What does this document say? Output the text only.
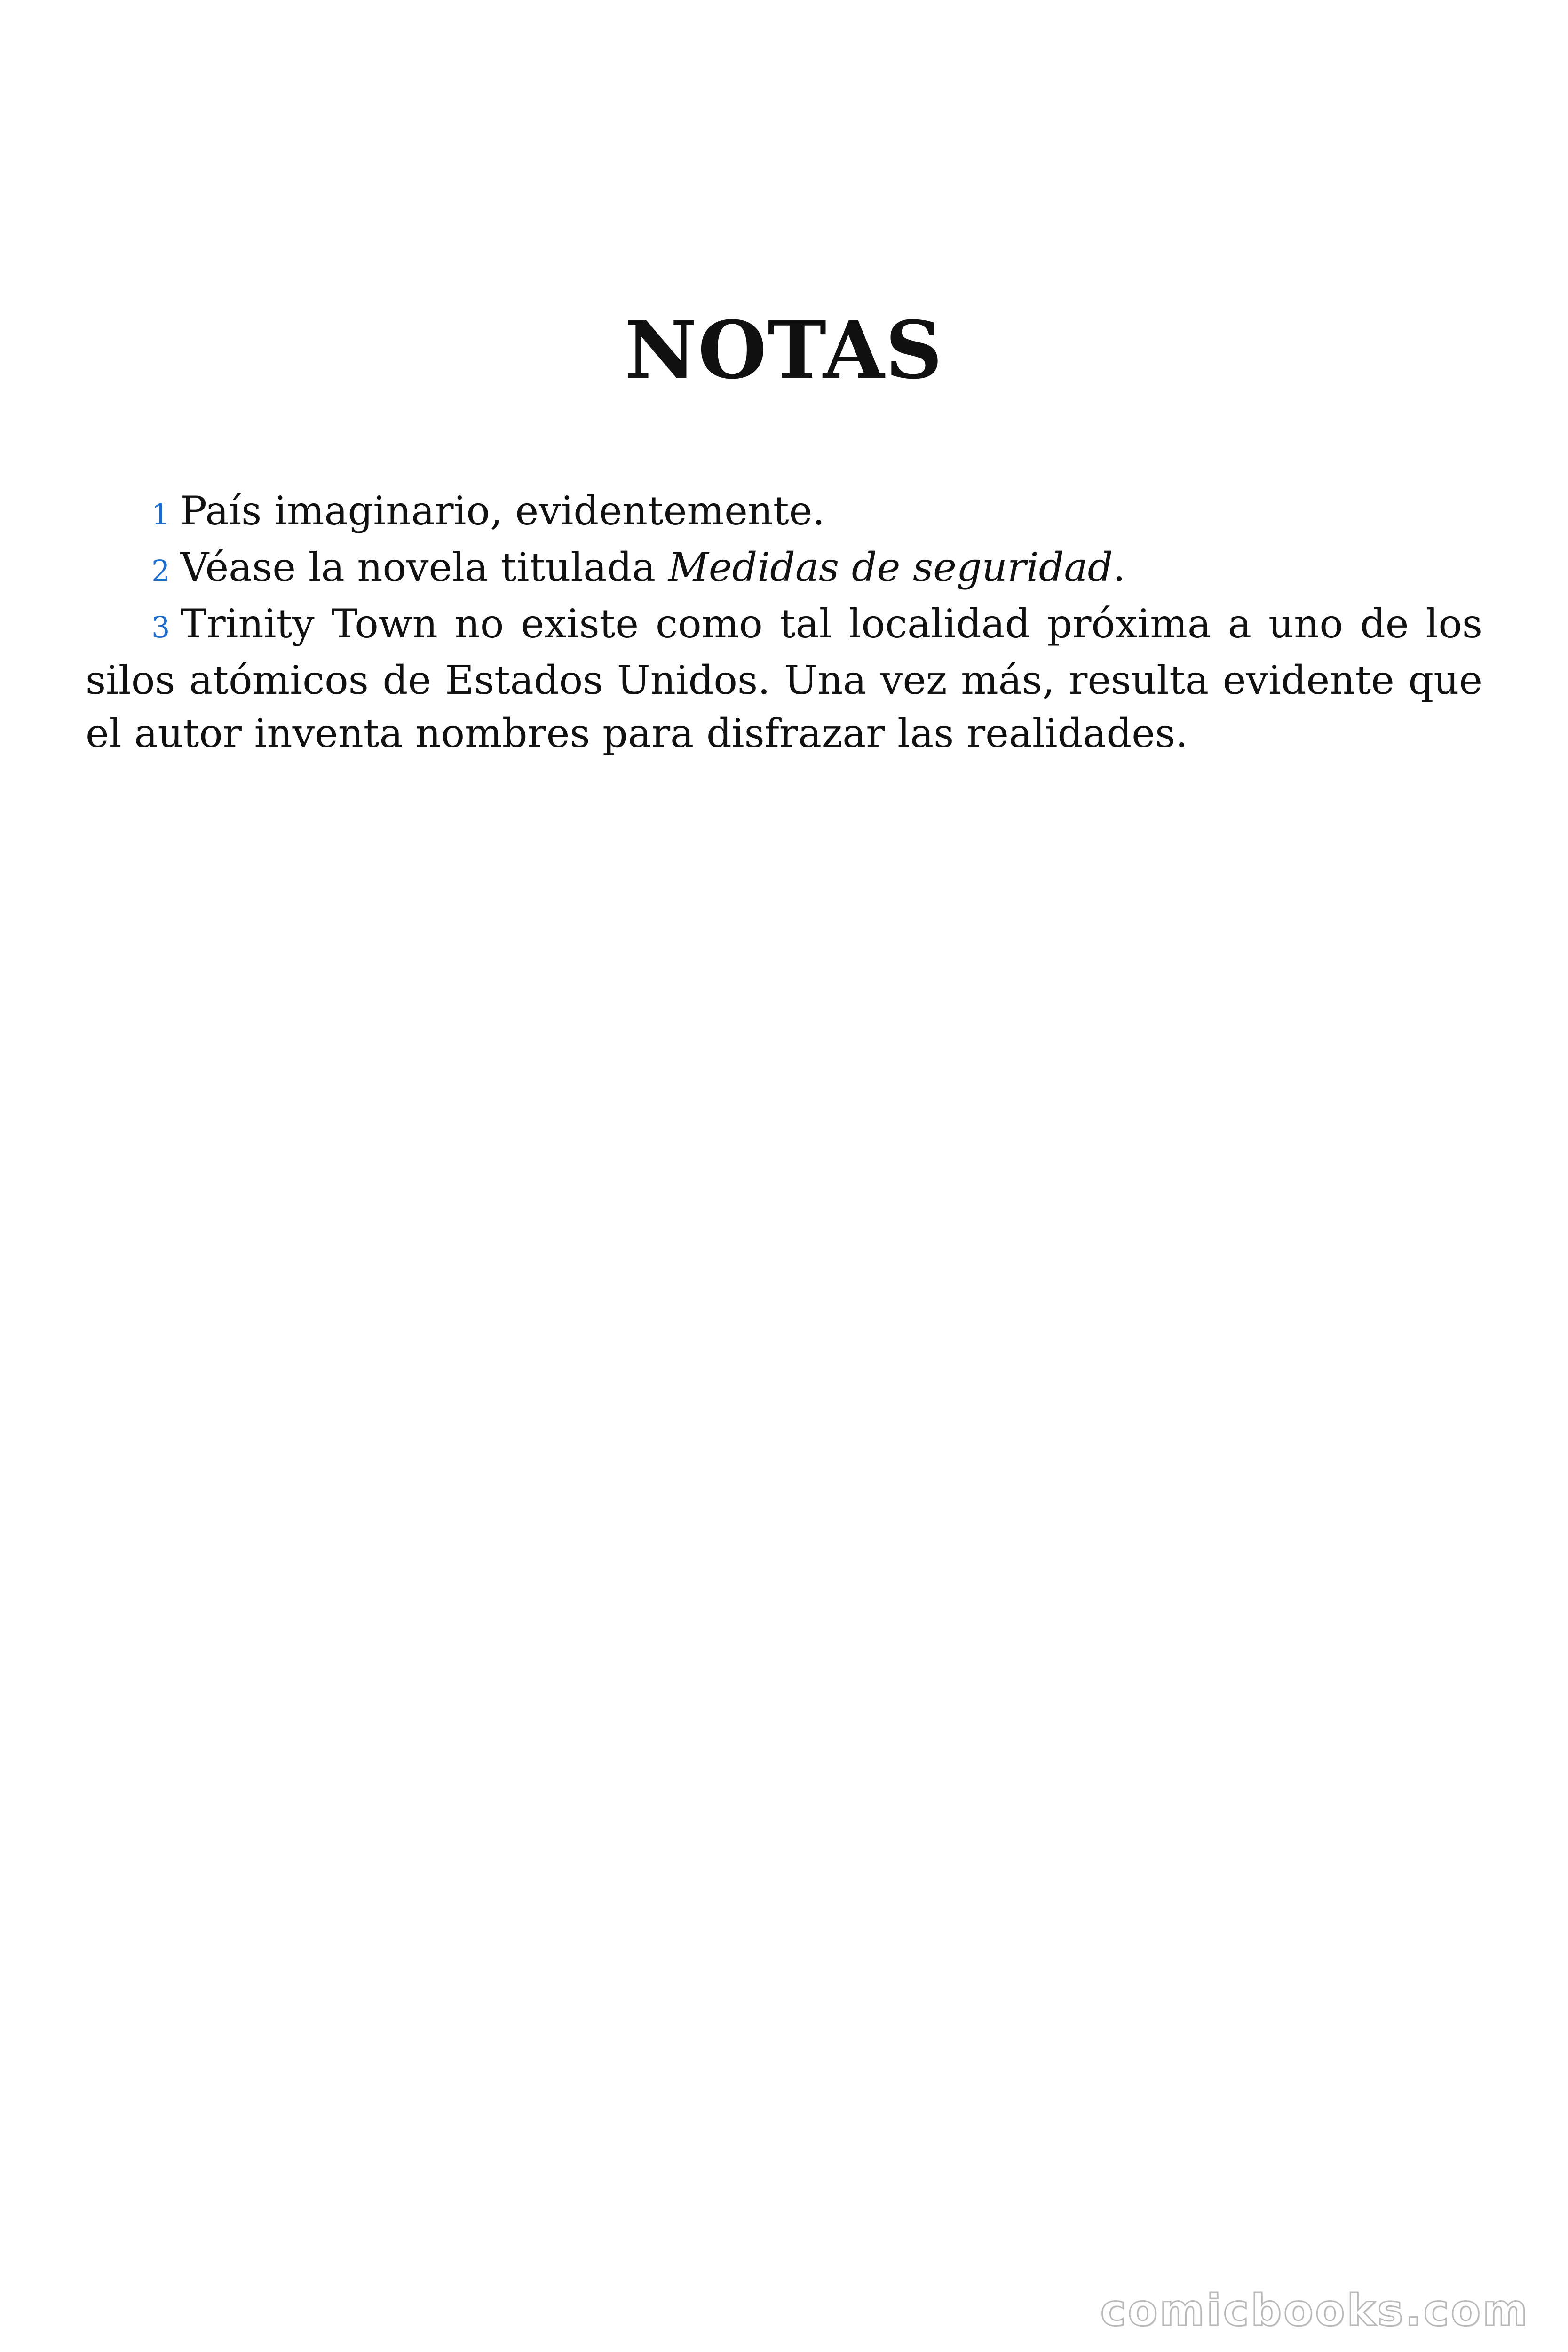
NOTAS

1 País imaginario, evidentemente.

2 Véase la novela titulada Medidas de seguridad.

3 Trinity Town no existe como tal localidad próxima a uno de los silos atómicos de Estados Unidos. Una vez más, resulta evidente que el autor inventa nombres para disfrazar las realidades.

comicbooks.com
